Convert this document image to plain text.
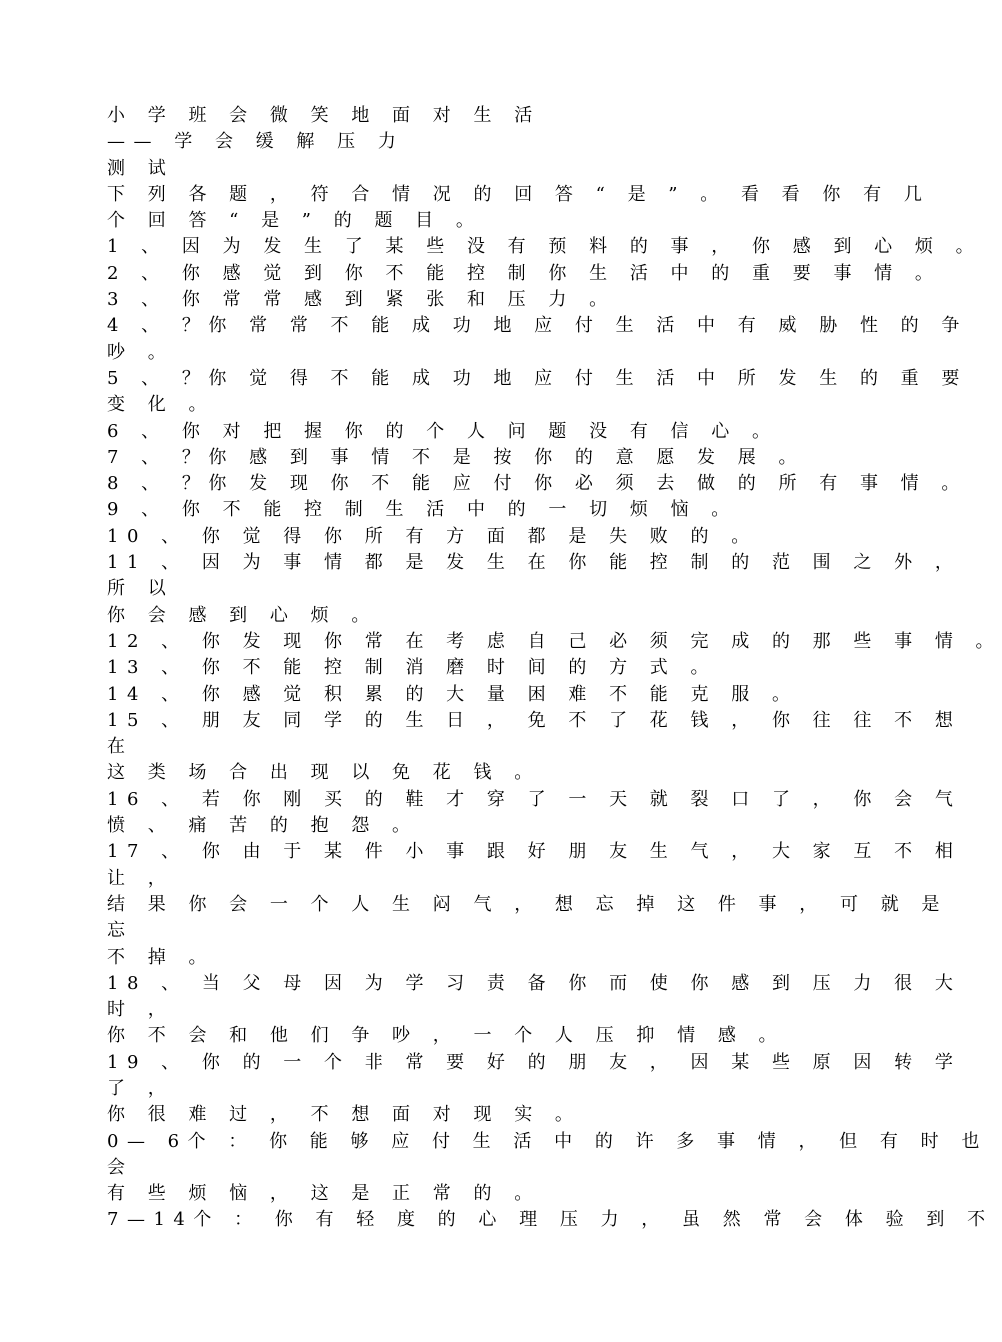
小 学 班 会 微 笑 地 面 对 生 活
—— 学 会 缓 解 压 力
测 试
下 列 各 题 ， 符 合 情 况 的 回 答 “ 是 ” 。 看 看 你 有 几
个 回 答 “ 是 ” 的 题 目 。
1 、 因 为 发 生 了 某 些 没 有 预 料 的 事 ， 你 感 到 心 烦 。
2 、 你 感 觉 到 你 不 能 控 制 你 生 活 中 的 重 要 事 情 。
3 、 你 常 常 感 到 紧 张 和 压 力 。
4 、 ？你 常 常 不 能 成 功 地 应 付 生 活 中 有 威 胁 性 的 争
吵 。
5 、 ？你 觉 得 不 能 成 功 地 应 付 生 活 中 所 发 生 的 重 要
变 化 。
6 、 你 对 把 握 你 的 个 人 问 题 没 有 信 心 。
7 、 ？你 感 到 事 情 不 是 按 你 的 意 愿 发 展 。
8 、 ？你 发 现 你 不 能 应 付 你 必 须 去 做 的 所 有 事 情 。
9 、 你 不 能 控 制 生 活 中 的 一 切 烦 恼 。
10 、 你 觉 得 你 所 有 方 面 都 是 失 败 的 。
11 、 因 为 事 情 都 是 发 生 在 你 能 控 制 的 范 围 之 外 ，
所 以
你 会 感 到 心 烦 。
12 、 你 发 现 你 常 在 考 虑 自 己 必 须 完 成 的 那 些 事 情 。
13 、 你 不 能 控 制 消 磨 时 间 的 方 式 。
14 、 你 感 觉 积 累 的 大 量 困 难 不 能 克 服 。
15 、 朋 友 同 学 的 生 日 ， 免 不 了 花 钱 ， 你 往 往 不 想
在
这 类 场 合 出 现 以 免 花 钱 。
16 、 若 你 刚 买 的 鞋 才 穿 了 一 天 就 裂 口 了 ， 你 会 气
愤 、 痛 苦 的 抱 怨 。
17 、 你 由 于 某 件 小 事 跟 好 朋 友 生 气 ， 大 家 互 不 相
让 ，
结 果 你 会 一 个 人 生 闷 气 ， 想 忘 掉 这 件 事 ， 可 就 是
忘
不 掉 。
18 、 当 父 母 因 为 学 习 责 备 你 而 使 你 感 到 压 力 很 大
时 ，
你 不 会 和 他 们 争 吵 ， 一 个 人 压 抑 情 感 。
19 、 你 的 一 个 非 常 要 好 的 朋 友 ， 因 某 些 原 因 转 学
了 ，
你 很 难 过 ， 不 想 面 对 现 实 。
0— 6个 ： 你 能 够 应 付 生 活 中 的 许 多 事 情 ， 但 有 时 也
会
有 些 烦 恼 ， 这 是 正 常 的 。
7—14个 ： 你 有 轻 度 的 心 理 压 力 ， 虽 然 常 会 体 验 到 不
